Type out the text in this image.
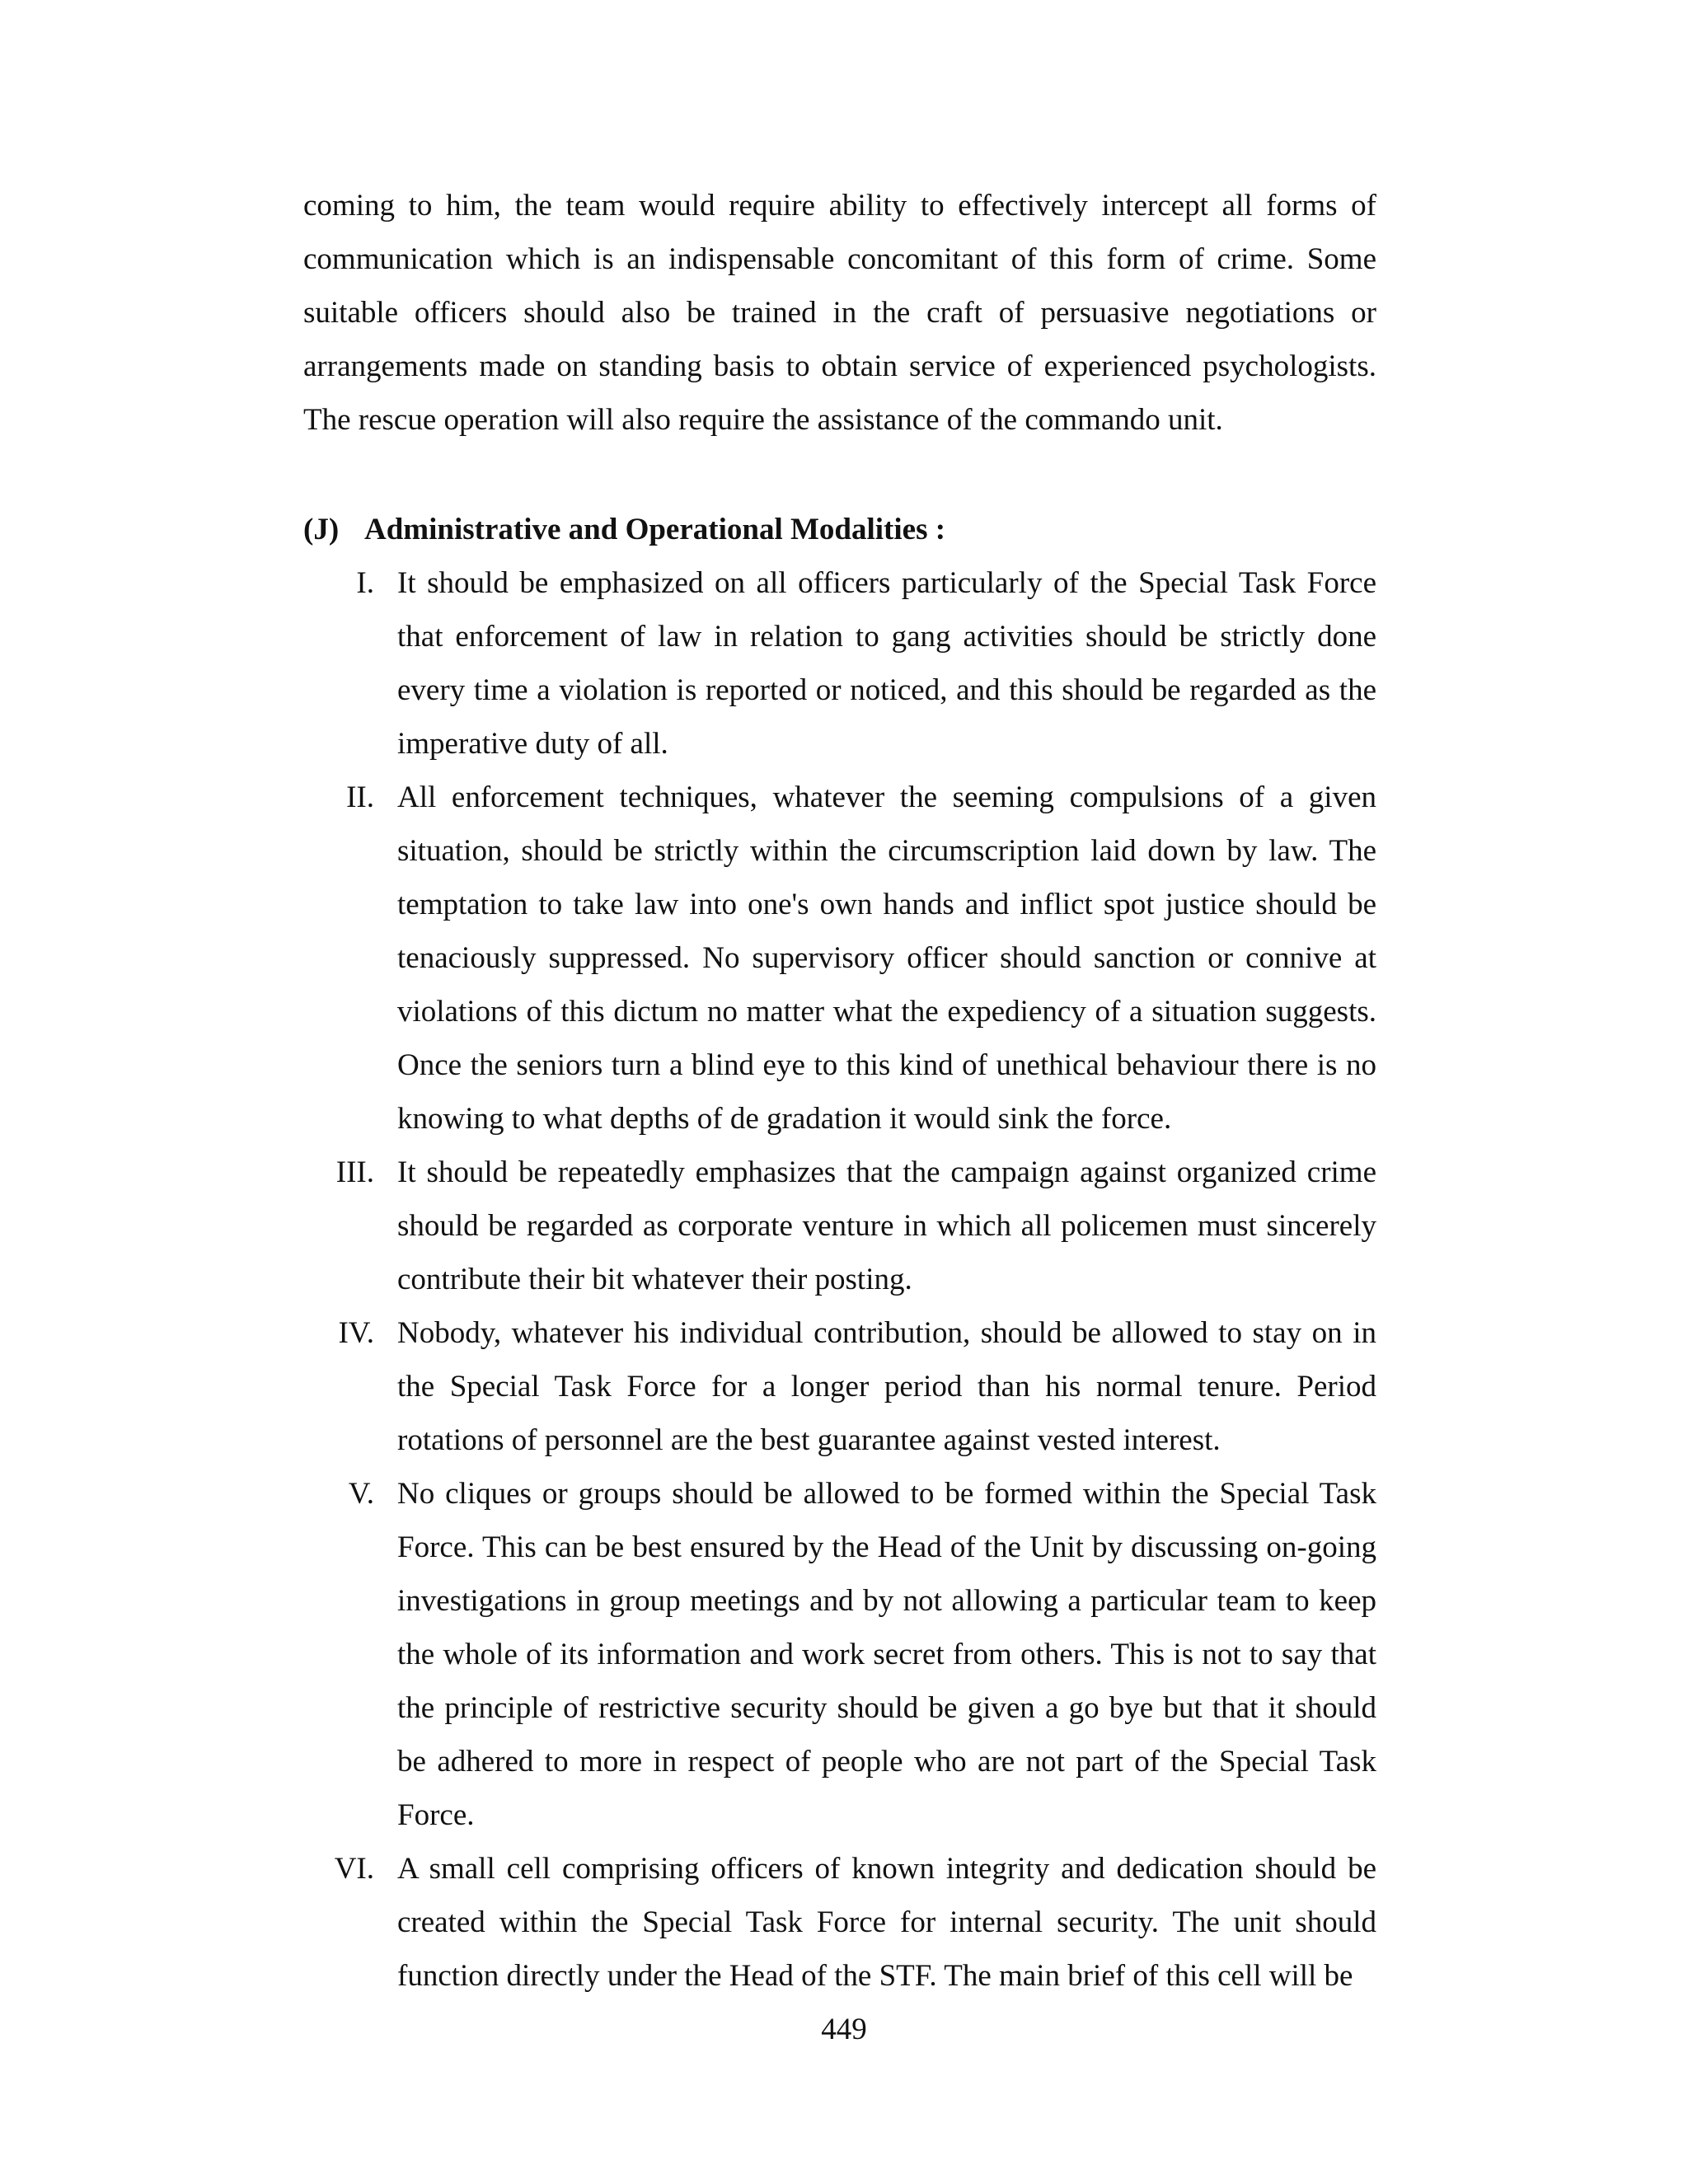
coming to him, the team would require ability to effectively intercept all forms of communication which is an indispensable concomitant of this form of crime. Some suitable officers should also be trained in the craft of persuasive negotiations or arrangements made on standing basis to obtain service of experienced psychologists. The rescue operation will also require the assistance of the commando unit.

(J) Administrative and Operational Modalities :
I. It should be emphasized on all officers particularly of the Special Task Force that enforcement of law in relation to gang activities should be strictly done every time a violation is reported or noticed, and this should be regarded as the imperative duty of all.
II. All enforcement techniques, whatever the seeming compulsions of a given situation, should be strictly within the circumscription laid down by law. The temptation to take law into one's own hands and inflict spot justice should be tenaciously suppressed. No supervisory officer should sanction or connive at violations of this dictum no matter what the expediency of a situation suggests. Once the seniors turn a blind eye to this kind of unethical behaviour there is no knowing to what depths of de gradation it would sink the force.
III. It should be repeatedly emphasizes that the campaign against organized crime should be regarded as corporate venture in which all policemen must sincerely contribute their bit whatever their posting.
IV. Nobody, whatever his individual contribution, should be allowed to stay on in the Special Task Force for a longer period than his normal tenure. Period rotations of personnel are the best guarantee against vested interest.
V. No cliques or groups should be allowed to be formed within the Special Task Force. This can be best ensured by the Head of the Unit by discussing on-going investigations in group meetings and by not allowing a particular team to keep the whole of its information and work secret from others. This is not to say that the principle of restrictive security should be given a go bye but that it should be adhered to more in respect of people who are not part of the Special Task Force.
VI. A small cell comprising officers of known integrity and dedication should be created within the Special Task Force for internal security. The unit should function directly under the Head of the STF. The main brief of this cell will be
449
